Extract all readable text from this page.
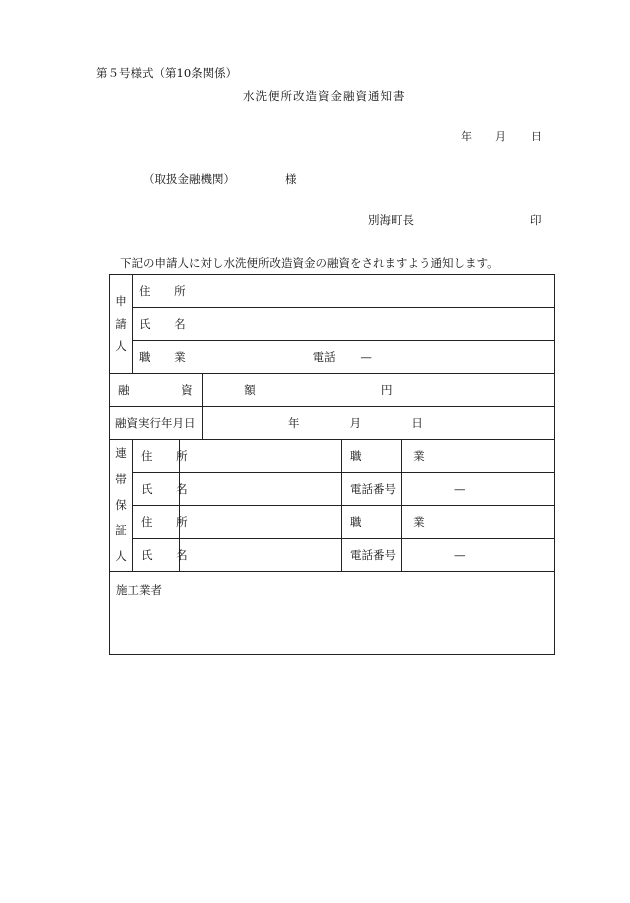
第５号様式（第10条関係）
水洗便所改造資金融資通知書
年 月 日
（取扱金融機関）	様
別海町長	印
下記の申請人に対し水洗便所改造資金の融資をされますよう通知します。
申
請
人	住 所				
	氏 名				
	職 業 電話 —				
融 資 額			円		
融資実行年月日			年 月 日		

連
帯
保
証
人	住 所			職 業	
	氏 名			電話番号	—
	住 所			職 業	
	氏 名			電話番号	—
施工業者					
